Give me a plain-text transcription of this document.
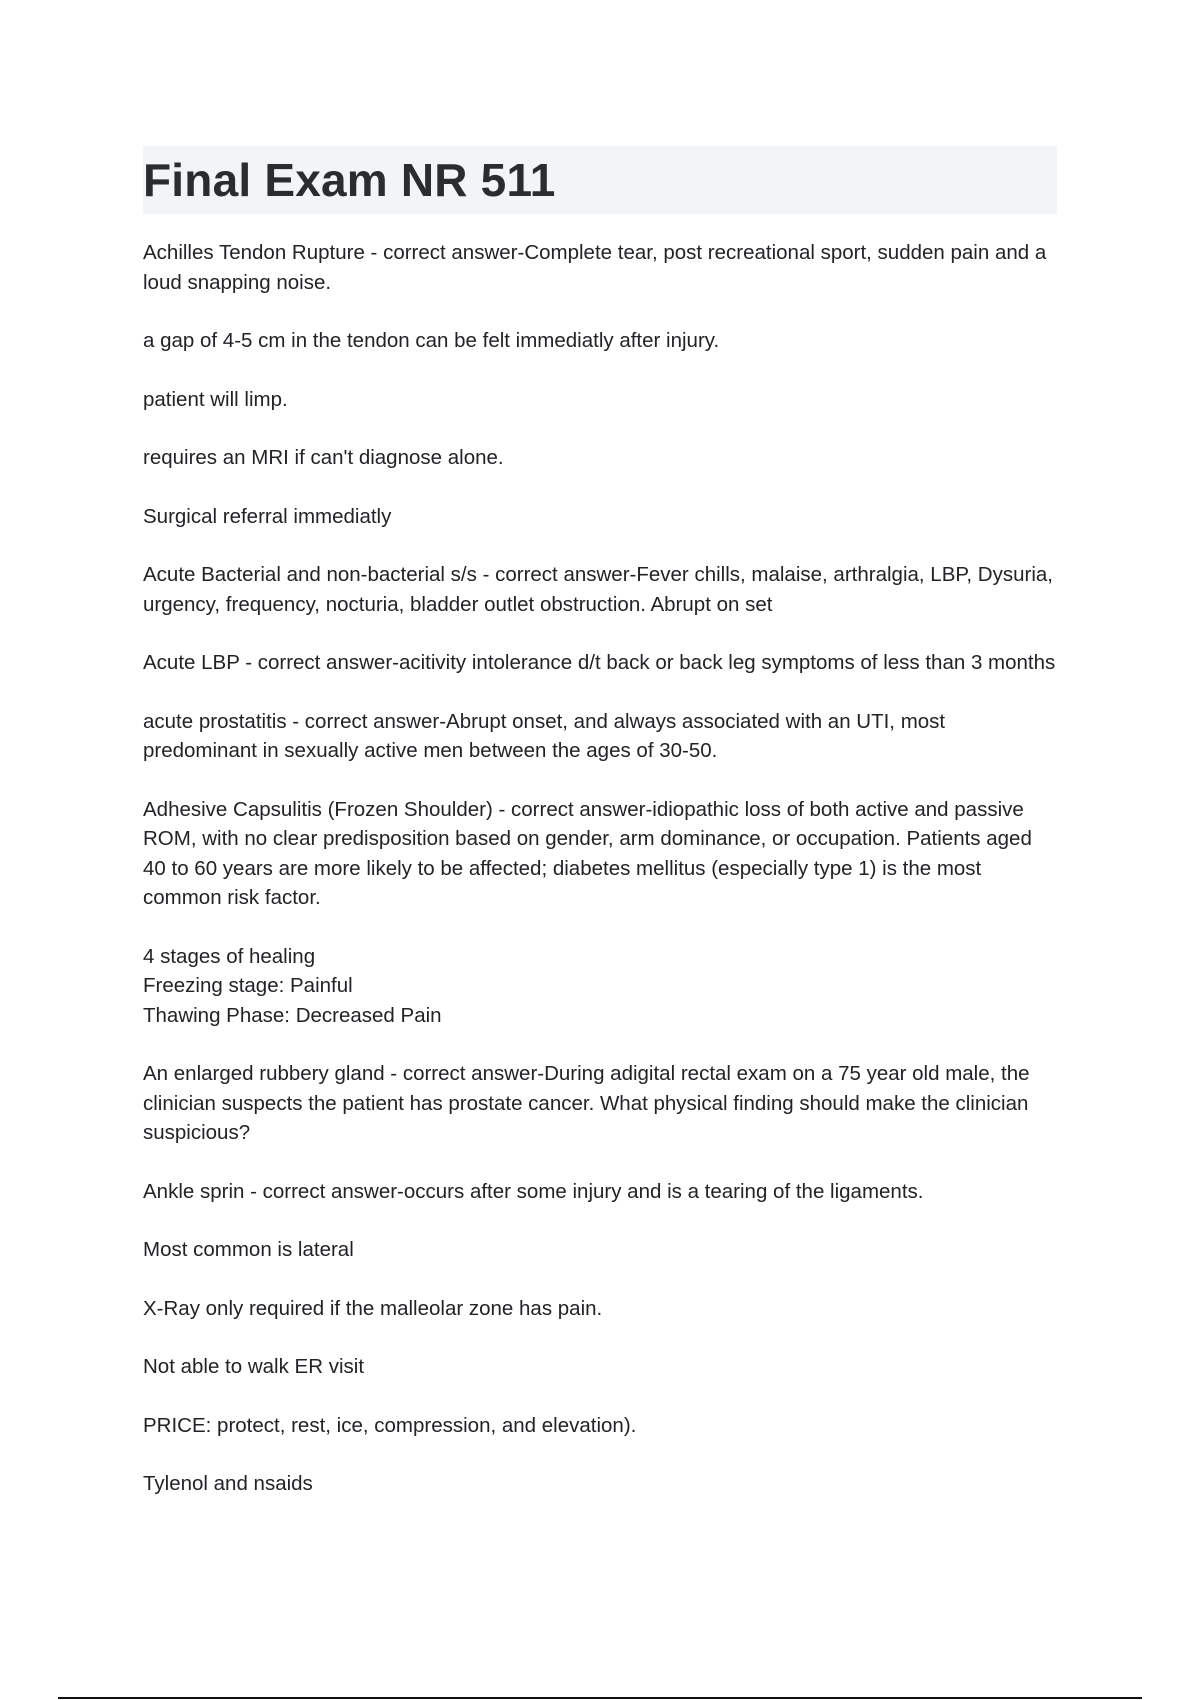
Final Exam NR 511

Achilles Tendon Rupture - correct answer-Complete tear, post recreational sport, sudden pain and a loud snapping noise.

a gap of 4-5 cm in the tendon can be felt immediatly after injury.

patient will limp.

requires an MRI if can't diagnose alone.

Surgical referral immediatly

Acute Bacterial and non-bacterial s/s - correct answer-Fever chills, malaise, arthralgia, LBP, Dysuria, urgency, frequency, nocturia, bladder outlet obstruction. Abrupt on set

Acute LBP - correct answer-acitivity intolerance d/t back or back leg symptoms of less than 3 months

acute prostatitis - correct answer-Abrupt onset, and always associated with an UTI, most predominant in sexually active men between the ages of 30-50.

Adhesive Capsulitis (Frozen Shoulder) - correct answer-idiopathic loss of both active and passive ROM, with no clear predisposition based on gender, arm dominance, or occupation. Patients aged 40 to 60 years are more likely to be affected; diabetes mellitus (especially type 1) is the most common risk factor.

4 stages of healing
Freezing stage: Painful
Thawing Phase: Decreased Pain

An enlarged rubbery gland - correct answer-During adigital rectal exam on a 75 year old male, the clinician suspects the patient has prostate cancer. What physical finding should make the clinician suspicious?

Ankle sprin - correct answer-occurs after some injury and is a tearing of the ligaments.

Most common is lateral

X-Ray only required if the malleolar zone has pain.

Not able to walk ER visit

PRICE: protect, rest, ice, compression, and elevation).

Tylenol and nsaids
